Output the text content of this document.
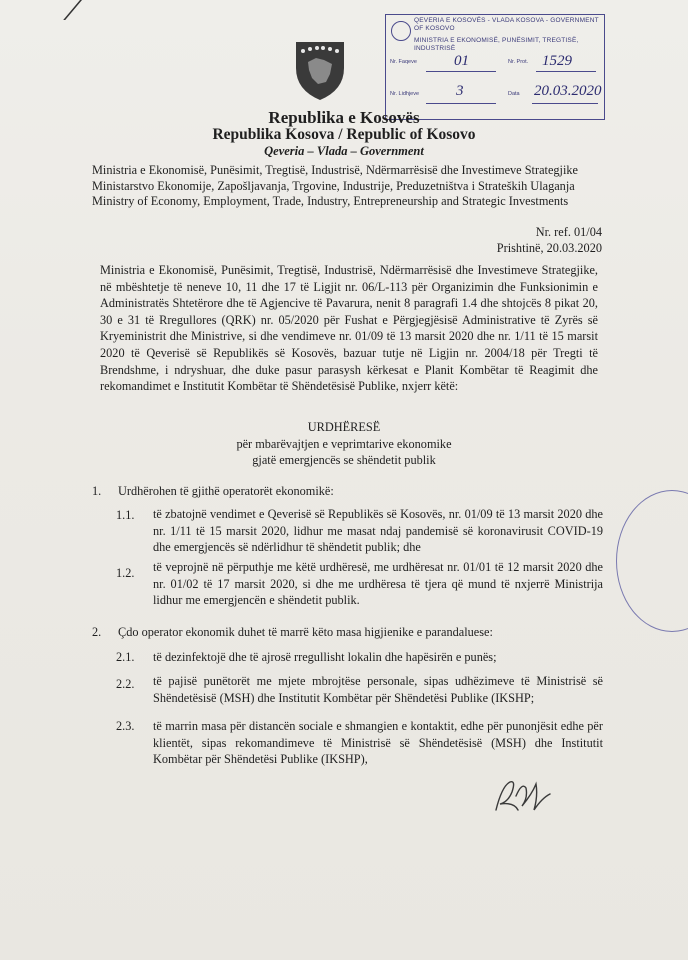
QEVERIA E KOSOVËS - VLADA KOSOVA - GOVERNMENT OF KOSOVO
MINISTRIA E EKONOMISË, PUNËSIMIT, TREGTISË, INDUSTRISË
Nr. Faqeve	01	Nr. Prot. 1529
Nr. Lidhjeve	3	Data 20.03.2020
Republika e Kosovës
Republika Kosova / Republic of Kosovo
Qeveria – Vlada – Government
Ministria e Ekonomisë, Punësimit, Tregtisë, Industrisë, Ndërmarrësisë dhe Investimeve Strategjike
Ministarstvo Ekonomije, Zapošljavanja, Trgovine, Industrije, Preduzetništva i Strateških Ulaganja
Ministry of Economy, Employment, Trade, Industry, Entrepreneurship and Strategic Investments
Nr. ref. 01/04
Prishtinë, 20.03.2020
Ministria e Ekonomisë, Punësimit, Tregtisë, Industrisë, Ndërmarrësisë dhe Investimeve Strategjike, në mbështetje të neneve 10, 11 dhe 17 të Ligjit nr. 06/L-113 për Organizimin dhe Funksionimin e Administratës Shtetërore dhe të Agjencive të Pavarura, nenit 8 paragrafi 1.4 dhe shtojcës 8 pikat 20, 30 e 31 të Rregullores (QRK) nr. 05/2020 për Fushat e Përgjegjësisë Administrative të Zyrës së Kryeministrit dhe Ministrive, si dhe vendimeve nr. 01/09 të 13 marsit 2020 dhe nr. 1/11 të 15 marsit 2020 të Qeverisë së Republikës së Kosovës, bazuar tutje në Ligjin nr. 2004/18 për Tregti të Brendshme, i ndryshuar, dhe duke pasur parasysh kërkesat e Planit Kombëtar të Reagimit dhe rekomandimet e Institutit Kombëtar të Shëndetësisë Publike, nxjerr këtë:
URDHËRESË
për mbarëvajtjen e veprimtarive ekonomike
gjatë emergjencës se shëndetit publik
1. Urdhërohen të gjithë operatorët ekonomikë:
1.1. të zbatojnë vendimet e Qeverisë së Republikës së Kosovës, nr. 01/09 të 13 marsit 2020 dhe nr. 1/11 të 15 marsit 2020, lidhur me masat ndaj pandemisë së koronavirusit COVID-19 dhe emergjencës së ndërlidhur të shëndetit publik; dhe
1.2. të veprojnë në përputhje me këtë urdhëresë, me urdhëresat nr. 01/01 të 12 marsit 2020 dhe nr. 01/02 të 17 marsit 2020, si dhe me urdhëresa të tjera që mund të nxjerrë Ministrija lidhur me emergjencën e shëndetit publik.
2. Çdo operator ekonomik duhet të marrë këto masa higjienike e parandaluese:
2.1. të dezinfektojë dhe të ajrosë rregullisht lokalin dhe hapësirën e punës;
2.2. të pajisë punëtorët me mjete mbrojtëse personale, sipas udhëzimeve të Ministrisë së Shëndetësisë (MSH) dhe Institutit Kombëtar për Shëndetësi Publike (IKSHP;
2.3. të marrin masa për distancën sociale e shmangien e kontaktit, edhe për punonjësit edhe për klientët, sipas rekomandimeve të Ministrisë së Shëndetësisë (MSH) dhe Institutit Kombëtar për Shëndetësi Publike (IKSHP),
